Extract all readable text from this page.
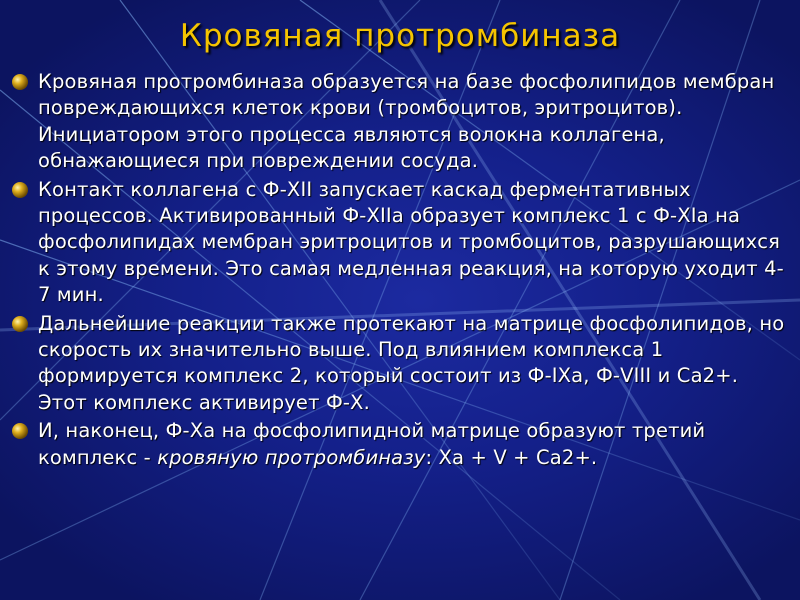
Кровяная протромбиназа
Кровяная протромбиназа образуется на базе фосфолипидов мембран повреждающихся клеток крови (тромбоцитов, эритроцитов). Инициатором этого процесса являются волокна коллагена, обнажающиеся при повреждении сосуда.
Контакт коллагена с Ф-XII запускает каскад ферментативных процессов. Активированный Ф-XIIа образует комплекс 1 с Ф-XIа на фосфолипидах мембран эритроцитов и тромбоцитов, разрушающихся к этому времени. Это самая медленная реакция, на которую уходит 4-7 мин.
Дальнейшие реакции также протекают на матрице фосфолипидов, но скорость их значительно выше. Под влиянием комплекса 1 формируется комплекс 2, который состоит из Ф-IXа, Ф-VIII и Са2+. Этот комплекс активирует Ф-Х.
И, наконец, Ф-Ха на фосфолипидной матрице образуют третий комплекс - кровяную протромбиназу: Ха + V + Са2+.
